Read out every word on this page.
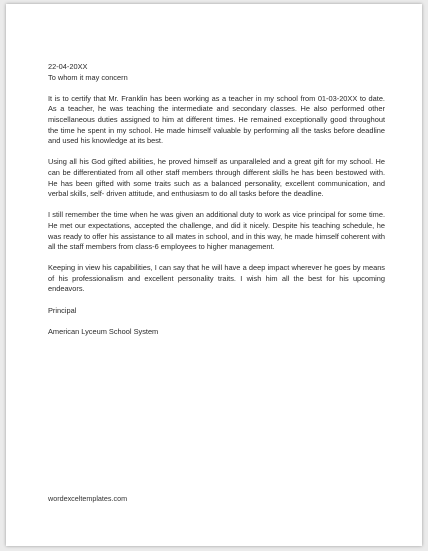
22-04-20XX

To whom it may concern

It is to certify that Mr. Franklin has been working as a teacher in my school from 01-03-20XX to date. As a teacher, he was teaching the intermediate and secondary classes. He also performed other miscellaneous duties assigned to him at different times. He remained exceptionally good throughout the time he spent in my school. He made himself valuable by performing all the tasks before deadline and used his knowledge at its best.

Using all his God gifted abilities, he proved himself as unparalleled and a great gift for my school. He can be differentiated from all other staff members through different skills he has been bestowed with. He has been gifted with some traits such as a balanced personality, excellent communication, and verbal skills, self- driven attitude, and enthusiasm to do all tasks before the deadline.

I still remember the time when he was given an additional duty to work as vice principal for some time. He met our expectations, accepted the challenge, and did it nicely. Despite his teaching schedule, he was ready to offer his assistance to all mates in school, and in this way, he made himself coherent with all the staff members from class-6 employees to higher management.

Keeping in view his capabilities, I can say that he will have a deep impact wherever he goes by means of his professionalism and excellent personality traits. I wish him all the best for his upcoming endeavors.

Principal

American Lyceum School System

wordexceltemplates.com
